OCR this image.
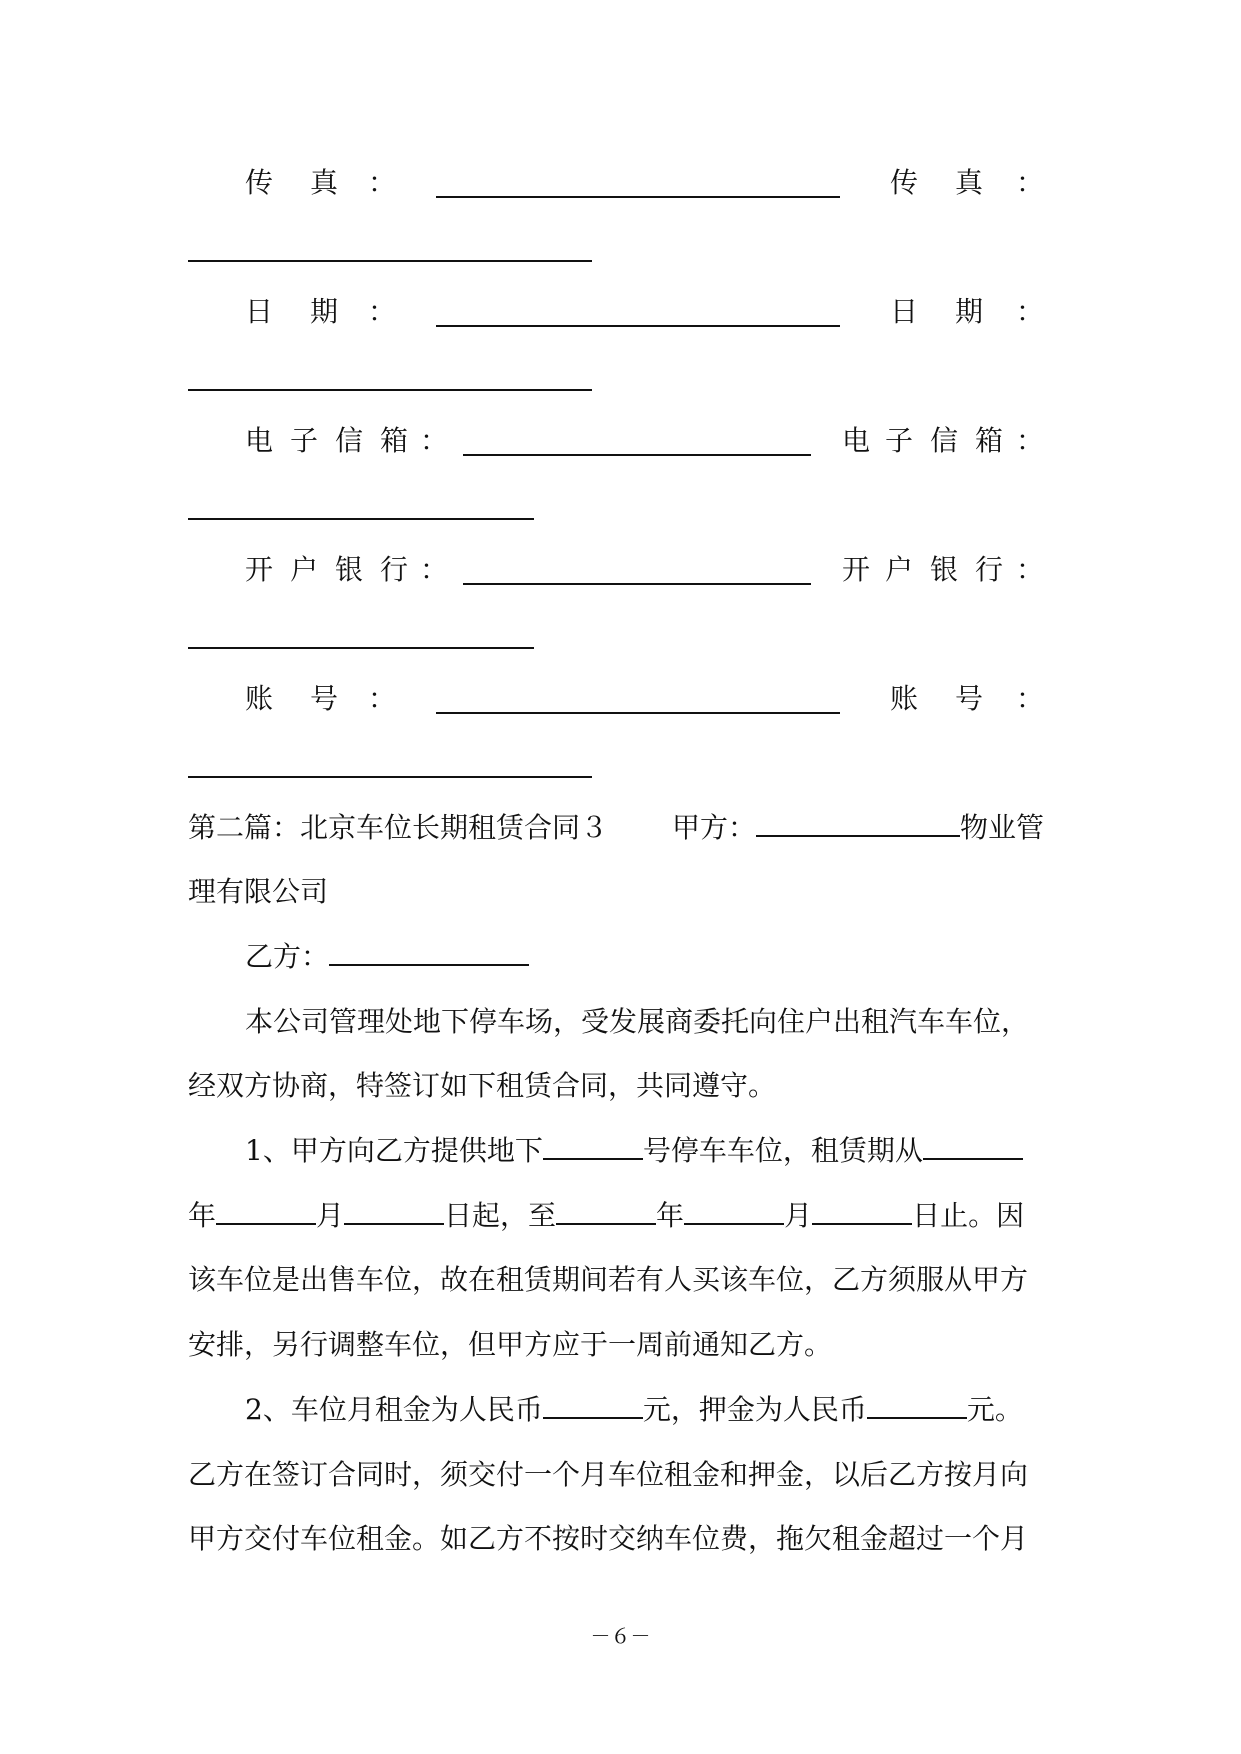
传 真 ：	传 真 ：
日 期 ：	日 期 ：
电 子 信 箱 ：	电 子 信 箱 ：
开 户 银 行 ：	开 户 银 行 ：
账 号 ：	账 号 ：
第二篇：北京车位长期租赁合同３ 甲方：	物业管
理有限公司
乙方：
本公司管理处地下停车场，受发展商委托向住户出租汽车车位，
经双方协商，特签订如下租赁合同，共同遵守。
1、甲方向乙方提供地下	号停车车位，租赁期从
年	月	日起，至	年	月	日止。因
该车位是出售车位，故在租赁期间若有人买该车位，乙方须服从甲方
安排，另行调整车位，但甲方应于一周前通知乙方。
2、车位月租金为人民币	元，押金为人民币	元。
乙方在签订合同时，须交付一个月车位租金和押金，以后乙方按月向
甲方交付车位租金。如乙方不按时交纳车位费，拖欠租金超过一个月
－６－
